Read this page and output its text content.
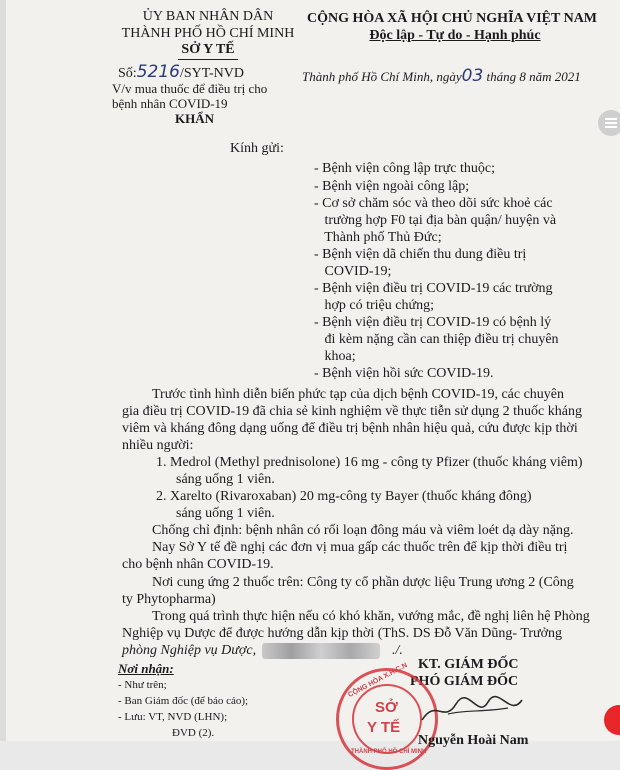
ỦY BAN NHÂN DÂN
THÀNH PHỐ HỒ CHÍ MINH
SỞ Y TẾ
Số:5216/SYT-NVD
V/v mua thuốc để điều trị cho
bệnh nhân COVID-19
KHẨN
CỘNG HÒA XÃ HỘI CHỦ NGHĨA VIỆT NAM
Độc lập - Tự do - Hạnh phúc
Thành phố Hồ Chí Minh, ngày03 tháng 8 năm 2021
Kính gửi:
- Bệnh viện công lập trực thuộc;
- Bệnh viện ngoài công lập;
- Cơ sở chăm sóc và theo dõi sức khoẻ các
trường hợp F0 tại địa bàn quận/ huyện và
Thành phố Thủ Đức;
- Bệnh viện dã chiến thu dung điều trị
COVID-19;
- Bệnh viện điều trị COVID-19 các trường
hợp có triệu chứng;
- Bệnh viện điều trị COVID-19 có bệnh lý
đi kèm nặng cần can thiệp điều trị chuyên
khoa;
- Bệnh viện hồi sức COVID-19.
Trước tình hình diễn biến phức tạp của dịch bệnh COVID-19, các chuyên
gia điều trị COVID-19 đã chia sẻ kinh nghiệm về thực tiễn sử dụng 2 thuốc kháng
viêm và kháng đông dạng uống để điều trị bệnh nhân hiệu quả, cứu được kịp thời
nhiều người:
1. Medrol (Methyl prednisolone) 16 mg - công ty Pfizer (thuốc kháng viêm)
sáng uống 1 viên.
2. Xarelto (Rivaroxaban) 20 mg-công ty Bayer (thuốc kháng đông)
sáng uống 1 viên.
Chống chỉ định: bệnh nhân có rối loạn đông máu và viêm loét dạ dày nặng.
Nay Sở Y tế đề nghị các đơn vị mua gấp các thuốc trên để kịp thời điều trị
cho bệnh nhân COVID-19.
Nơi cung ứng 2 thuốc trên: Công ty cổ phần dược liệu Trung ương 2 (Công
ty Phytopharma)
Trong quá trình thực hiện nếu có khó khăn, vướng mắc, đề nghị liên hệ Phòng
Nghiệp vụ Dược để được hướng dẫn kịp thời (ThS. DS Đỗ Văn Dũng- Trưởng
phòng Nghiệp vụ Dược,	./.
Nơi nhận:
- Như trên;
- Ban Giám đốc (để báo cáo);
- Lưu: VT, NVD (LHN);
ĐVD (2).
KT. GIÁM ĐỐC
PHÓ GIÁM ĐỐC
CỘNG HÒA X.H.C.N
SỞ
Y TẾ
THÀNH PHỐ HỒ CHÍ MINH
Nguyễn Hoài Nam
